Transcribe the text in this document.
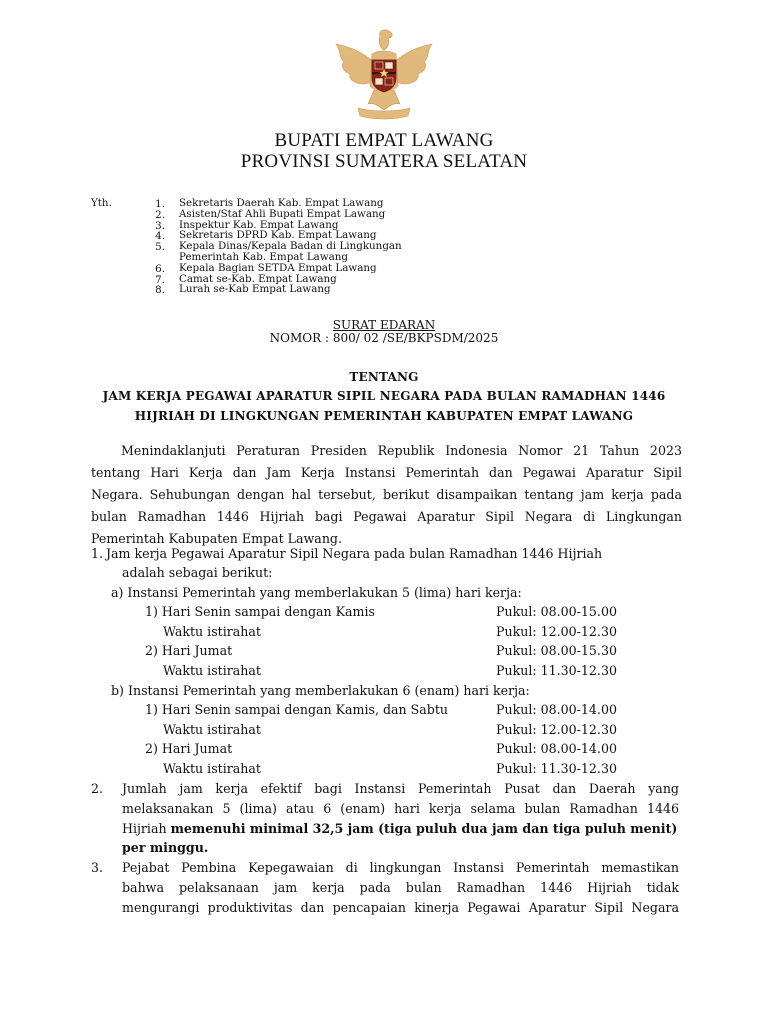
BUPATI EMPAT LAWANG
PROVINSI SUMATERA SELATAN
Yth.	1. Sekretaris Daerah Kab. Empat Lawang
2. Asisten/Staf Ahli Bupati Empat Lawang
3. Inspektur Kab. Empat Lawang
4. Sekretaris DPRD Kab. Empat Lawang
5. Kepala Dinas/Kepala Badan di Lingkungan
Pemerintah Kab. Empat Lawang
6. Kepala Bagian SETDA Empat Lawang
7. Camat se-Kab. Empat Lawang
8. Lurah se-Kab Empat Lawang
SURAT EDARAN
NOMOR : 800/ 02 /SE/BKPSDM/2025
TENTANG
JAM KERJA PEGAWAI APARATUR SIPIL NEGARA PADA BULAN RAMADHAN 1446
HIJRIAH DI LINGKUNGAN PEMERINTAH KABUPATEN EMPAT LAWANG
Menindaklanjuti Peraturan Presiden Republik Indonesia Nomor 21 Tahun 2023
tentang Hari Kerja dan Jam Kerja Instansi Pemerintah dan Pegawai Aparatur Sipil
Negara. Sehubungan dengan hal tersebut, berikut disampaikan tentang jam kerja pada
bulan Ramadhan 1446 Hijriah bagi Pegawai Aparatur Sipil Negara di Lingkungan
Pemerintah Kabupaten Empat Lawang.
1. Jam kerja Pegawai Aparatur Sipil Negara pada bulan Ramadhan 1446 Hijriah
adalah sebagai berikut:
a) Instansi Pemerintah yang memberlakukan 5 (lima) hari kerja:
1) Hari Senin sampai dengan Kamis	Pukul: 08.00-15.00
Waktu istirahat	Pukul: 12.00-12.30
2) Hari Jumat	Pukul: 08.00-15.30
Waktu istirahat	Pukul: 11.30-12.30
b) Instansi Pemerintah yang memberlakukan 6 (enam) hari kerja:
1) Hari Senin sampai dengan Kamis, dan Sabtu	Pukul: 08.00-14.00
Waktu istirahat	Pukul: 12.00-12.30
2) Hari Jumat	Pukul: 08.00-14.00
Waktu istirahat	Pukul: 11.30-12.30
2. Jumlah jam kerja efektif bagi Instansi Pemerintah Pusat dan Daerah yang
melaksanakan 5 (lima) atau 6 (enam) hari kerja selama bulan Ramadhan 1446
Hijriah memenuhi minimal 32,5 jam (tiga puluh dua jam dan tiga puluh menit)
per minggu.
3. Pejabat Pembina Kepegawaian di lingkungan Instansi Pemerintah memastikan
bahwa pelaksanaan jam kerja pada bulan Ramadhan 1446 Hijriah tidak
mengurangi produktivitas dan pencapaian kinerja Pegawai Aparatur Sipil Negara
